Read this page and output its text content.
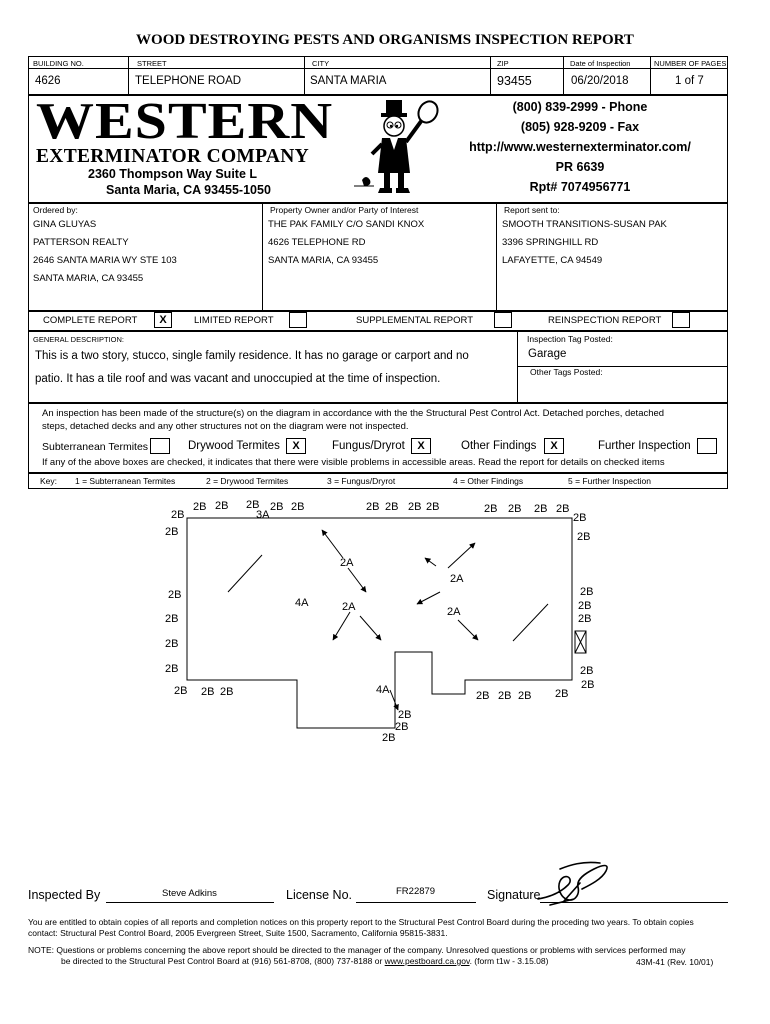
WOOD DESTROYING PESTS AND ORGANISMS INSPECTION REPORT
BUILDING NO.	STREET	CITY	ZIP	Date of Inspection	NUMBER OF PAGES
4626	TELEPHONE ROAD	SANTA MARIA	93455	06/20/2018	1 of 7
WESTERN
EXTERMINATOR COMPANY
2360 Thompson Way Suite L
Santa Maria, CA 93455-1050
(800) 839-2999 - Phone
(805) 928-9209 - Fax
http://www.westernexterminator.com/
PR 6639
Rpt# 7074956771
Ordered by:
GINA GLUYAS
PATTERSON REALTY
2646 SANTA MARIA WY STE 103
SANTA MARIA, CA 93455
Property Owner and/or Party of Interest
THE PAK FAMILY C/O SANDI KNOX
4626 TELEPHONE RD
SANTA MARIA, CA 93455
Report sent to:
SMOOTH TRANSITIONS-SUSAN PAK
3396 SPRINGHILL RD
LAFAYETTE, CA 94549
COMPLETE REPORT	X	LIMITED REPORT	SUPPLEMENTAL REPORT	REINSPECTION REPORT
GENERAL DESCRIPTION:
This is a two story, stucco, single family residence. It has no garage or carport and no
patio. It has a tile roof and was vacant and unoccupied at the time of inspection.
Inspection Tag Posted:
Garage
Other Tags Posted:
An inspection has been made of the structure(s) on the diagram in accordance with the the Structural Pest Control Act. Detached porches, detached
steps, detached decks and any other structures not on the diagram were not inspected.
Subterranean Termites	Drywood Termites	X	Fungus/Dryrot	X	Other Findings	X	Further Inspection
If any of the above boxes are checked, it indicates that there were visible problems in accessible areas. Read the report for details on checked items
Key: 1 = Subterranean Termites	2 = Drywood Termites	3 = Fungus/Dryrot	4 = Other Findings	5 = Further Inspection
2B
2B 2B 2B
3A
2B 2B	2B 2B 2B 2B	2B 2B 2B 2B
2B
2B	2B
2A
2A
2B
4A	2A	2A
2B
2B
2B
2B
2B
2B	2B
2B
2B 2B 2B	4A	2B 2B 2B 2B
2B
2B
2B
Inspected By	Steve Adkins	License No.	FR22879	Signature
You are entitled to obtain copies of all reports and completion notices on this property report to the Structural Pest Control Board during the proceding two years. To obtain copies
contact: Structural Pest Control Board, 2005 Evergreen Street, Suite 1500, Sacramento, California 95815-3831.
NOTE: Questions or problems concerning the above report should be directed to the manager of the company. Unresolved questions or problems with services performed may
be directed to the Structural Pest Control Board at (916) 561-8708, (800) 737-8188 or www.pestboard.ca.gov. (form t1w - 3.15.08)	43M-41 (Rev. 10/01)
